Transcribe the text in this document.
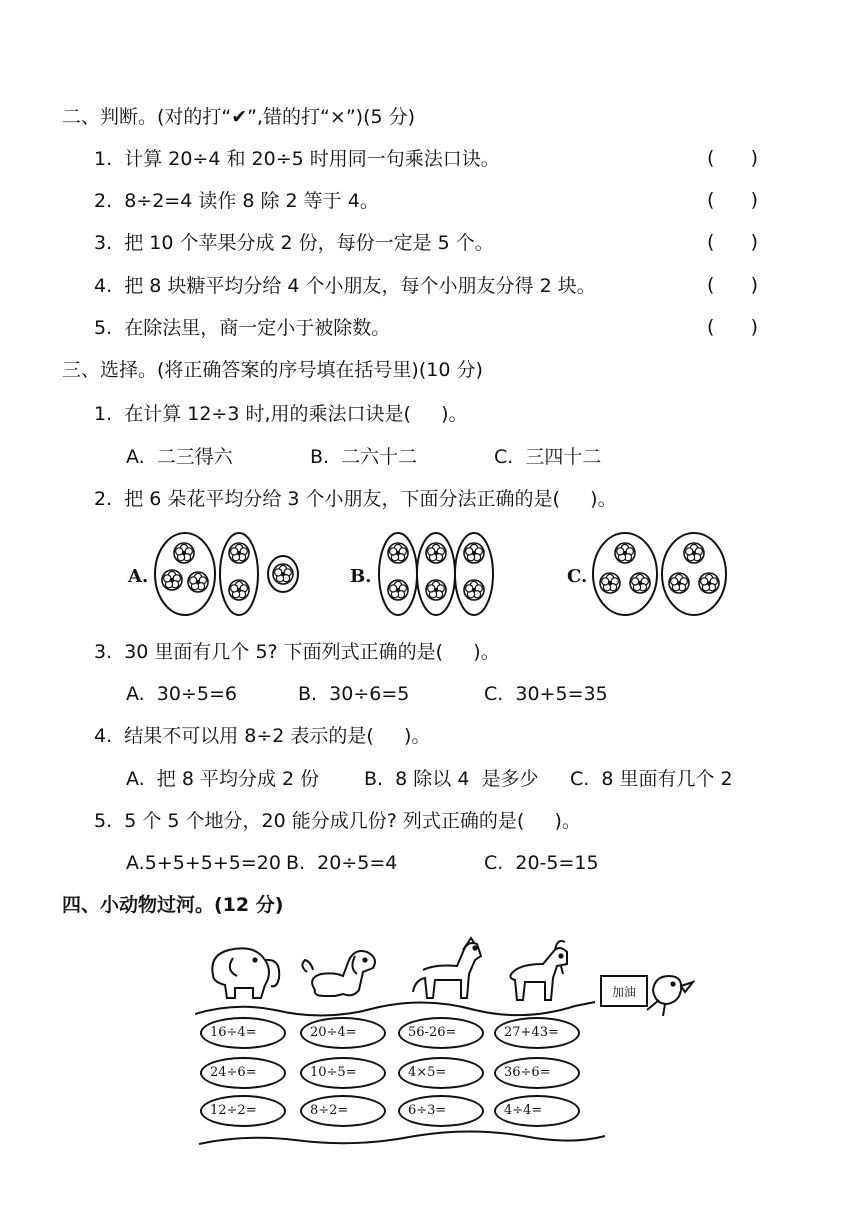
二、判断。(对的打“✔”,错的打“×”)(5 分)
1.  计算 20÷4 和 20÷5 时用同一句乘法口诀。	(      )
2.  8÷2=4 读作 8 除 2 等于 4。	(      )
3.  把 10 个苹果分成 2 份，每份一定是 5 个。	(      )
4.  把 8 块糖平均分给 4 个小朋友，每个小朋友分得 2 块。	(      )
5.  在除法里，商一定小于被除数。	(      )
三、选择。(将正确答案的序号填在括号里)(10 分)
1.  在计算 12÷3 时,用的乘法口诀是(     )。
A.  二三得六	B.  二六十二	C.  三四十二
2.  把 6 朵花平均分给 3 个小朋友，下面分法正确的是(     )。
A.	B.	C.
3.  30 里面有几个 5? 下面列式正确的是(     )。
A.  30÷5=6	B.  30÷6=5	C.  30+5=35
4.  结果不可以用 8÷2 表示的是(     )。
A.  把 8 平均分成 2 份 B.  8 除以 4  是多少 C.  8 里面有几个 2
5.  5 个 5 个地分，20 能分成几份? 列式正确的是(     )。
A.5+5+5+5=20 B.  20÷5=4	C.  20-5=15
四、小动物过河。(12 分)
加油
16÷4=	20÷4=	56-26=	27+43=
24÷6=	10÷5=	4×5=	36÷6=
12÷2=	8÷2=	6÷3=	4÷4=
